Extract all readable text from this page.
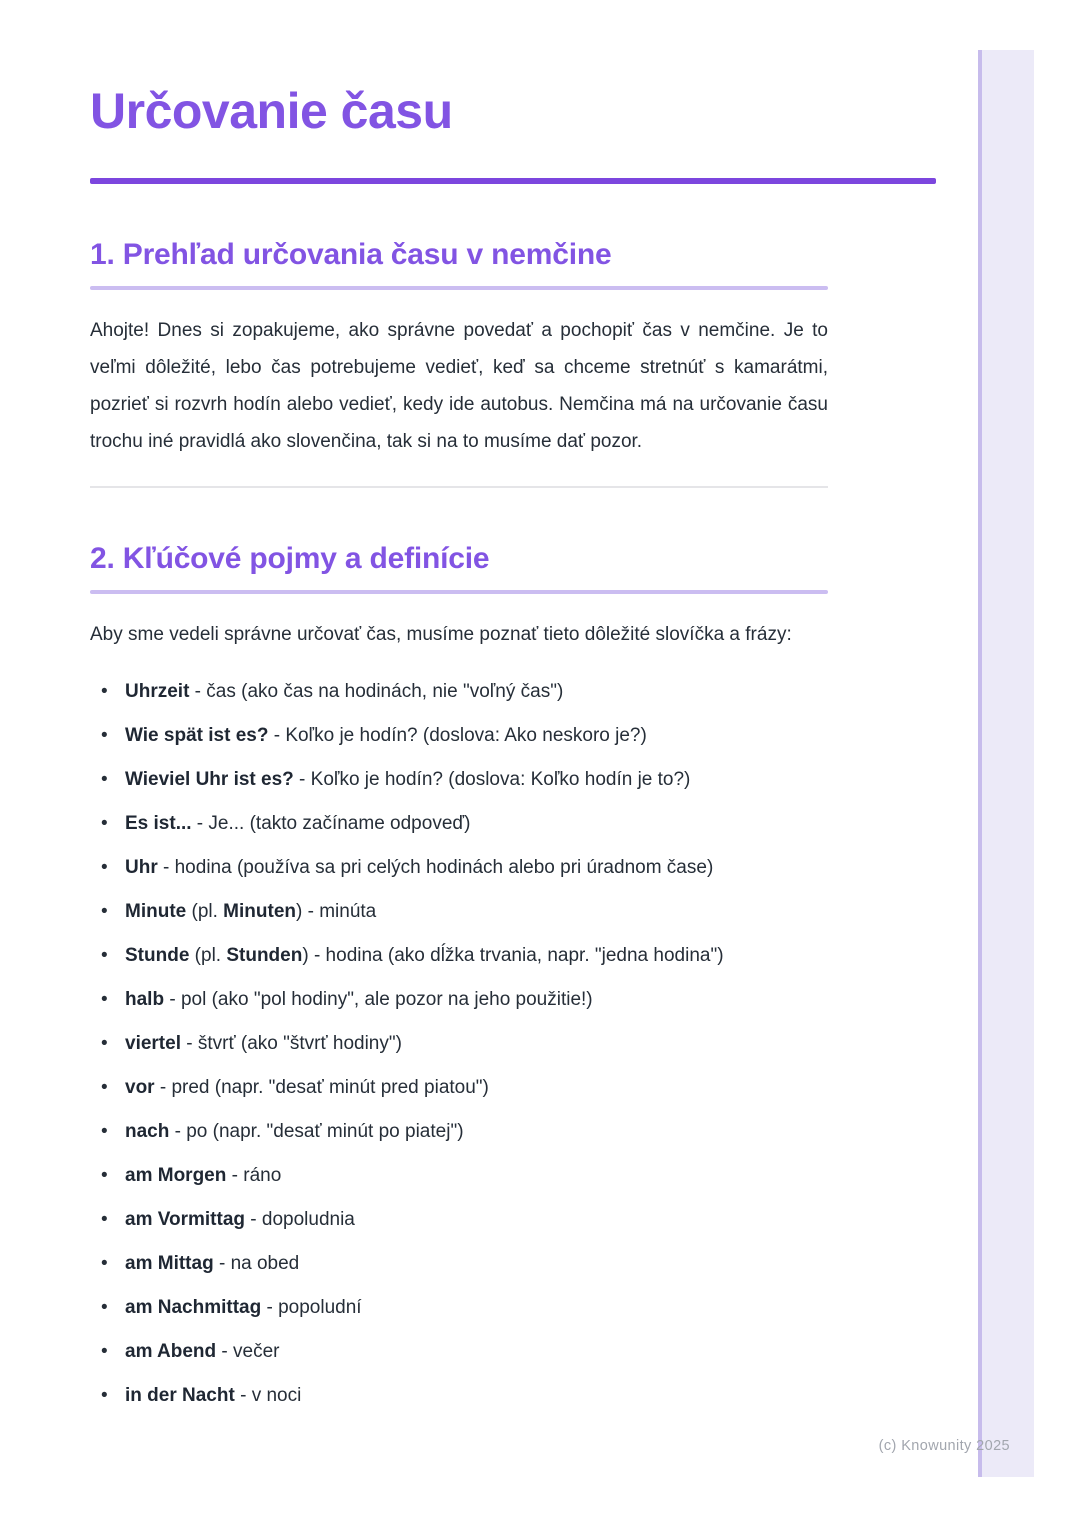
Určovanie času
1. Prehľad určovania času v nemčine

Ahojte! Dnes si zopakujeme, ako správne povedať a pochopiť čas v nemčine. Je to veľmi dôležité, lebo čas potrebujeme vedieť, keď sa chceme stretnúť s kamarátmi, pozrieť si rozvrh hodín alebo vedieť, kedy ide autobus. Nemčina má na určovanie času trochu iné pravidlá ako slovenčina, tak si na to musíme dať pozor.

2. Kľúčové pojmy a definície

Aby sme vedeli správne určovať čas, musíme poznať tieto dôležité slovíčka a frázy:

• Uhrzeit - čas (ako čas na hodinách, nie "voľný čas")
• Wie spät ist es? - Koľko je hodín? (doslova: Ako neskoro je?)
• Wieviel Uhr ist es? - Koľko je hodín? (doslova: Koľko hodín je to?)
• Es ist... - Je... (takto začíname odpoveď)
• Uhr - hodina (používa sa pri celých hodinách alebo pri úradnom čase)
• Minute (pl. Minuten) - minúta
• Stunde (pl. Stunden) - hodina (ako dĺžka trvania, napr. "jedna hodina")
• halb - pol (ako "pol hodiny", ale pozor na jeho použitie!)
• viertel - štvrť (ako "štvrť hodiny")
• vor - pred (napr. "desať minút pred piatou")
• nach - po (napr. "desať minút po piatej")
• am Morgen - ráno
• am Vormittag - dopoludnia
• am Mittag - na obed
• am Nachmittag - popoludní
• am Abend - večer
• in der Nacht - v noci
(c) Knowunity 2025
